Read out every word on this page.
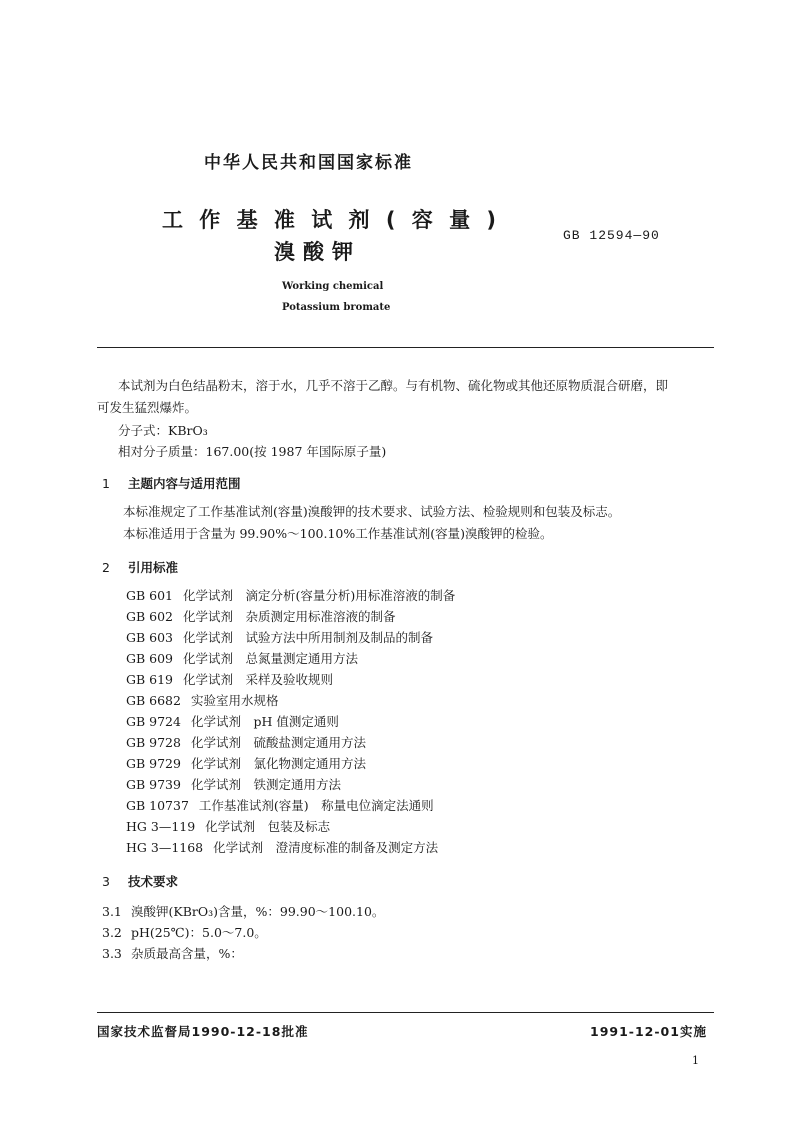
中华人民共和国国家标准
工 作 基 准 试 剂 ( 容 量 )
溴酸钾
GB 12594—90
Working chemical
Potassium bromate
本试剂为白色结晶粉末，溶于水，几乎不溶于乙醇。与有机物、硫化物或其他还原物质混合研磨，即
可发生猛烈爆炸。
分子式：KBrO₃
相对分子质量：167.00(按 1987 年国际原子量)
1 主题内容与适用范围
本标准规定了工作基准试剂(容量)溴酸钾的技术要求、试验方法、检验规则和包装及标志。
本标准适用于含量为 99.90%～100.10%工作基准试剂(容量)溴酸钾的检验。
2 引用标准
GB 601 化学试剂　滴定分析(容量分析)用标准溶液的制备
GB 602 化学试剂　杂质测定用标准溶液的制备
GB 603 化学试剂　试验方法中所用制剂及制品的制备
GB 609 化学试剂　总氮量测定通用方法
GB 619 化学试剂　采样及验收规则
GB 6682 实验室用水规格
GB 9724 化学试剂　pH 值测定通则
GB 9728 化学试剂　硫酸盐测定通用方法
GB 9729 化学试剂　氯化物测定通用方法
GB 9739 化学试剂　铁测定通用方法
GB 10737 工作基准试剂(容量)　称量电位滴定法通则
HG 3—119 化学试剂　包装及标志
HG 3—1168 化学试剂　澄清度标准的制备及测定方法
3 技术要求
3.1 溴酸钾(KBrO₃)含量，%：99.90～100.10。
3.2 pH(25℃)：5.0～7.0。
3.3 杂质最高含量，%：
国家技术监督局1990-12-18批准	1991-12-01实施
1
